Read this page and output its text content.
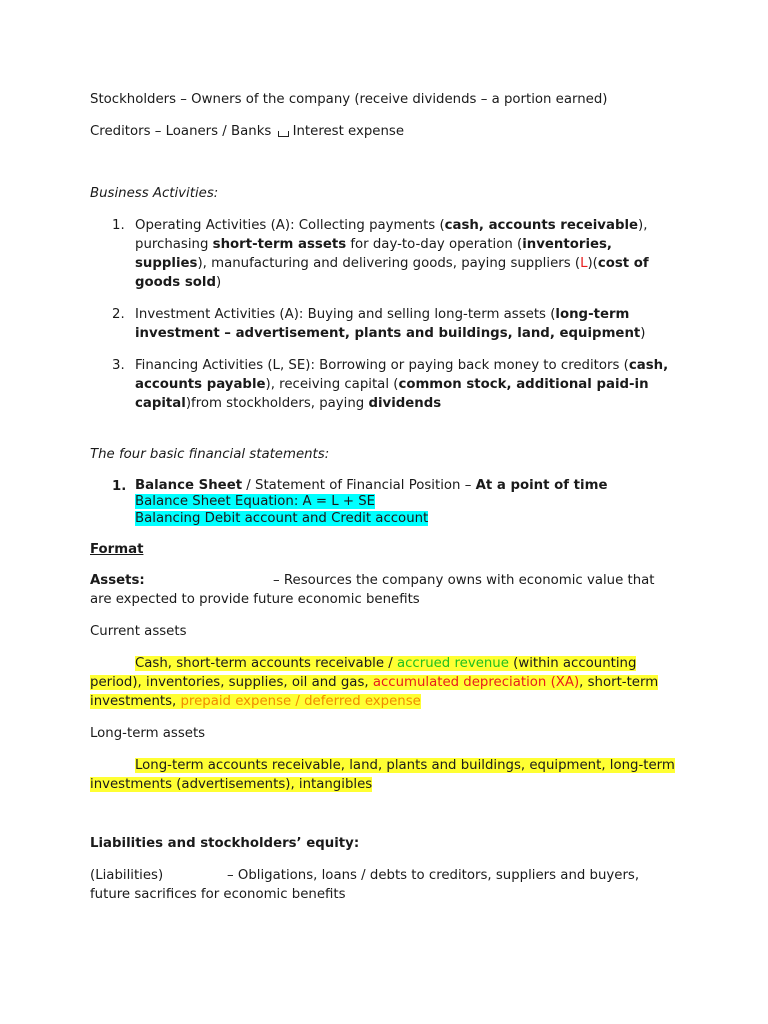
Stockholders – Owners of the company (receive dividends – a portion earned)

Creditors – Loaners / Banks Interest expense

Business Activities:

1. Operating Activities (A): Collecting payments (cash, accounts receivable), purchasing short-term assets for day-to-day operation (inventories, supplies), manufacturing and delivering goods, paying suppliers (L)(cost of goods sold)
2. Investment Activities (A): Buying and selling long-term assets (long-term investment – advertisement, plants and buildings, land, equipment)
3. Financing Activities (L, SE): Borrowing or paying back money to creditors (cash, accounts payable), receiving capital (common stock, additional paid-in capital)from stockholders, paying dividends

The four basic financial statements:

1. Balance Sheet / Statement of Financial Position – At a point of time
Balance Sheet Equation: A = L + SE
Balancing Debit account and Credit account

Format

Assets:	– Resources the company owns with economic value that are expected to provide future economic benefits

Current assets

Cash, short-term accounts receivable / accrued revenue (within accounting period), inventories, supplies, oil and gas, accumulated depreciation (XA), short-term investments, prepaid expense / deferred expense

Long-term assets

Long-term accounts receivable, land, plants and buildings, equipment, long-term investments (advertisements), intangibles

Liabilities and stockholders’ equity:

(Liabilities)	– Obligations, loans / debts to creditors, suppliers and buyers, future sacrifices for economic benefits
